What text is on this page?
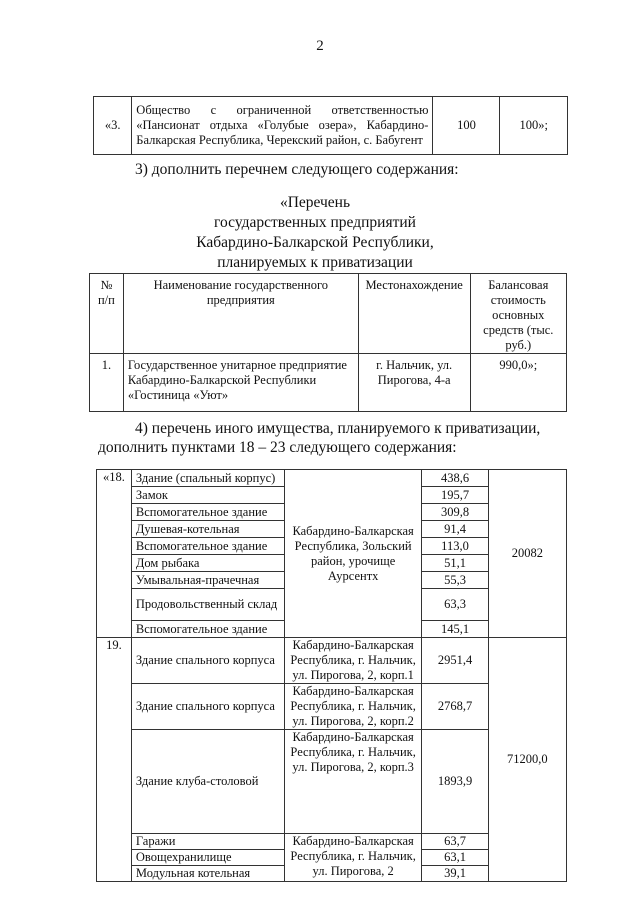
2
«3.	Общество с ограниченной ответственностью «Пансионат отдыха «Голубые озера», Кабардино-Балкарская Республика, Черекский район, с. Бабугент	100	100»;
3) дополнить перечнем следующего содержания:
«Перечень
государственных предприятий
Кабардино-Балкарской Республики,
планируемых к приватизации
№ п/п	Наименование государственного предприятия	Местонахождение	Балансовая стоимость основных средств (тыс. руб.)
1.	Государственное унитарное предприятие Кабардино-Балкарской Республики «Гостиница «Уют»	г. Нальчик, ул. Пирогова, 4-а	990,0»;
4) перечень иного имущества, планируемого к приватизации,
дополнить пунктами 18 – 23 следующего содержания:
«18.	Здание (спальный корпус)	Кабардино-Балкарская Республика, Зольский район, урочище Аурсентх	438,6	20082
	Замок		195,7	
	Вспомогательное здание		309,8	
	Душевая-котельная		91,4	
	Вспомогательное здание		113,0	
	Дом рыбака		51,1	
	Умывальная-прачечная		55,3	
	Продовольственный склад		63,3	
	Вспомогательное здание		145,1	
19.	Здание спального корпуса	Кабардино-Балкарская Республика, г. Нальчик, ул. Пирогова, 2, корп.1	2951,4	71200,0
	Здание спального корпуса	Кабардино-Балкарская Республика, г. Нальчик, ул. Пирогова, 2, корп.2	2768,7	
	Здание клуба-столовой	Кабардино-Балкарская Республика, г. Нальчик, ул. Пирогова, 2, корп.3	1893,9	
	Гаражи	Кабардино-Балкарская Республика, г. Нальчик, ул. Пирогова, 2	63,7	
	Овощехранилище		63,1	
	Модульная котельная		39,1	
